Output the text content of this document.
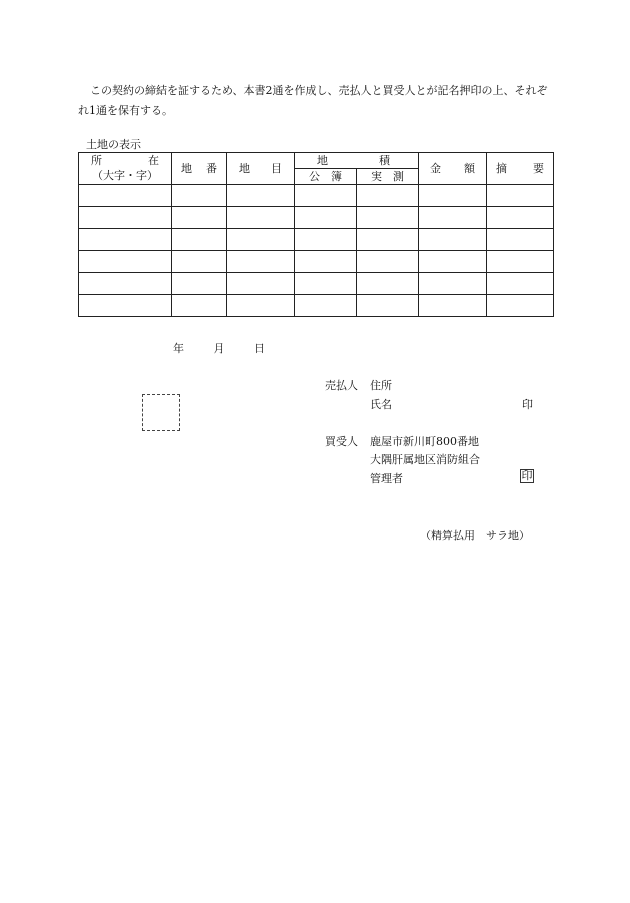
この契約の締結を証するため、本書2通を作成し、売払人と買受人とが記名押印の上、それぞれ1通を保有する。
土地の表示
所 在	地 番	地 目	地 積		金 額	摘 要

（大字・字）			公 簿	実 測		

年	月	日
売払人 住所
氏名	印
買受人 鹿屋市新川町800番地
大隅肝属地区消防組合
管理者	印
（精算払用　サラ地）
